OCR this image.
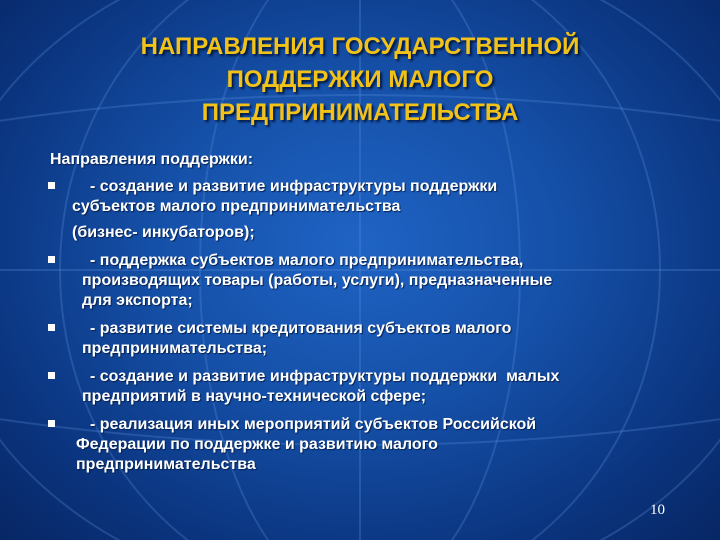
НАПРАВЛЕНИЯ ГОСУДАРСТВЕННОЙ
ПОДДЕРЖКИ МАЛОГО
ПРЕДПРИНИМАТЕЛЬСТВА
Направления поддержки:
- создание и развитие инфраструктуры поддержки
субъектов малого предпринимательства
(бизнес- инкубаторов);
- поддержка субъектов малого предпринимательства,
производящих товары (работы, услуги), предназначенные
для экспорта;
- развитие системы кредитования субъектов малого
предпринимательства;
- создание и развитие инфраструктуры поддержки  малых
предприятий в научно-технической сфере;
- реализация иных мероприятий субъектов Российской
Федерации по поддержке и развитию малого
предпринимательства
10
